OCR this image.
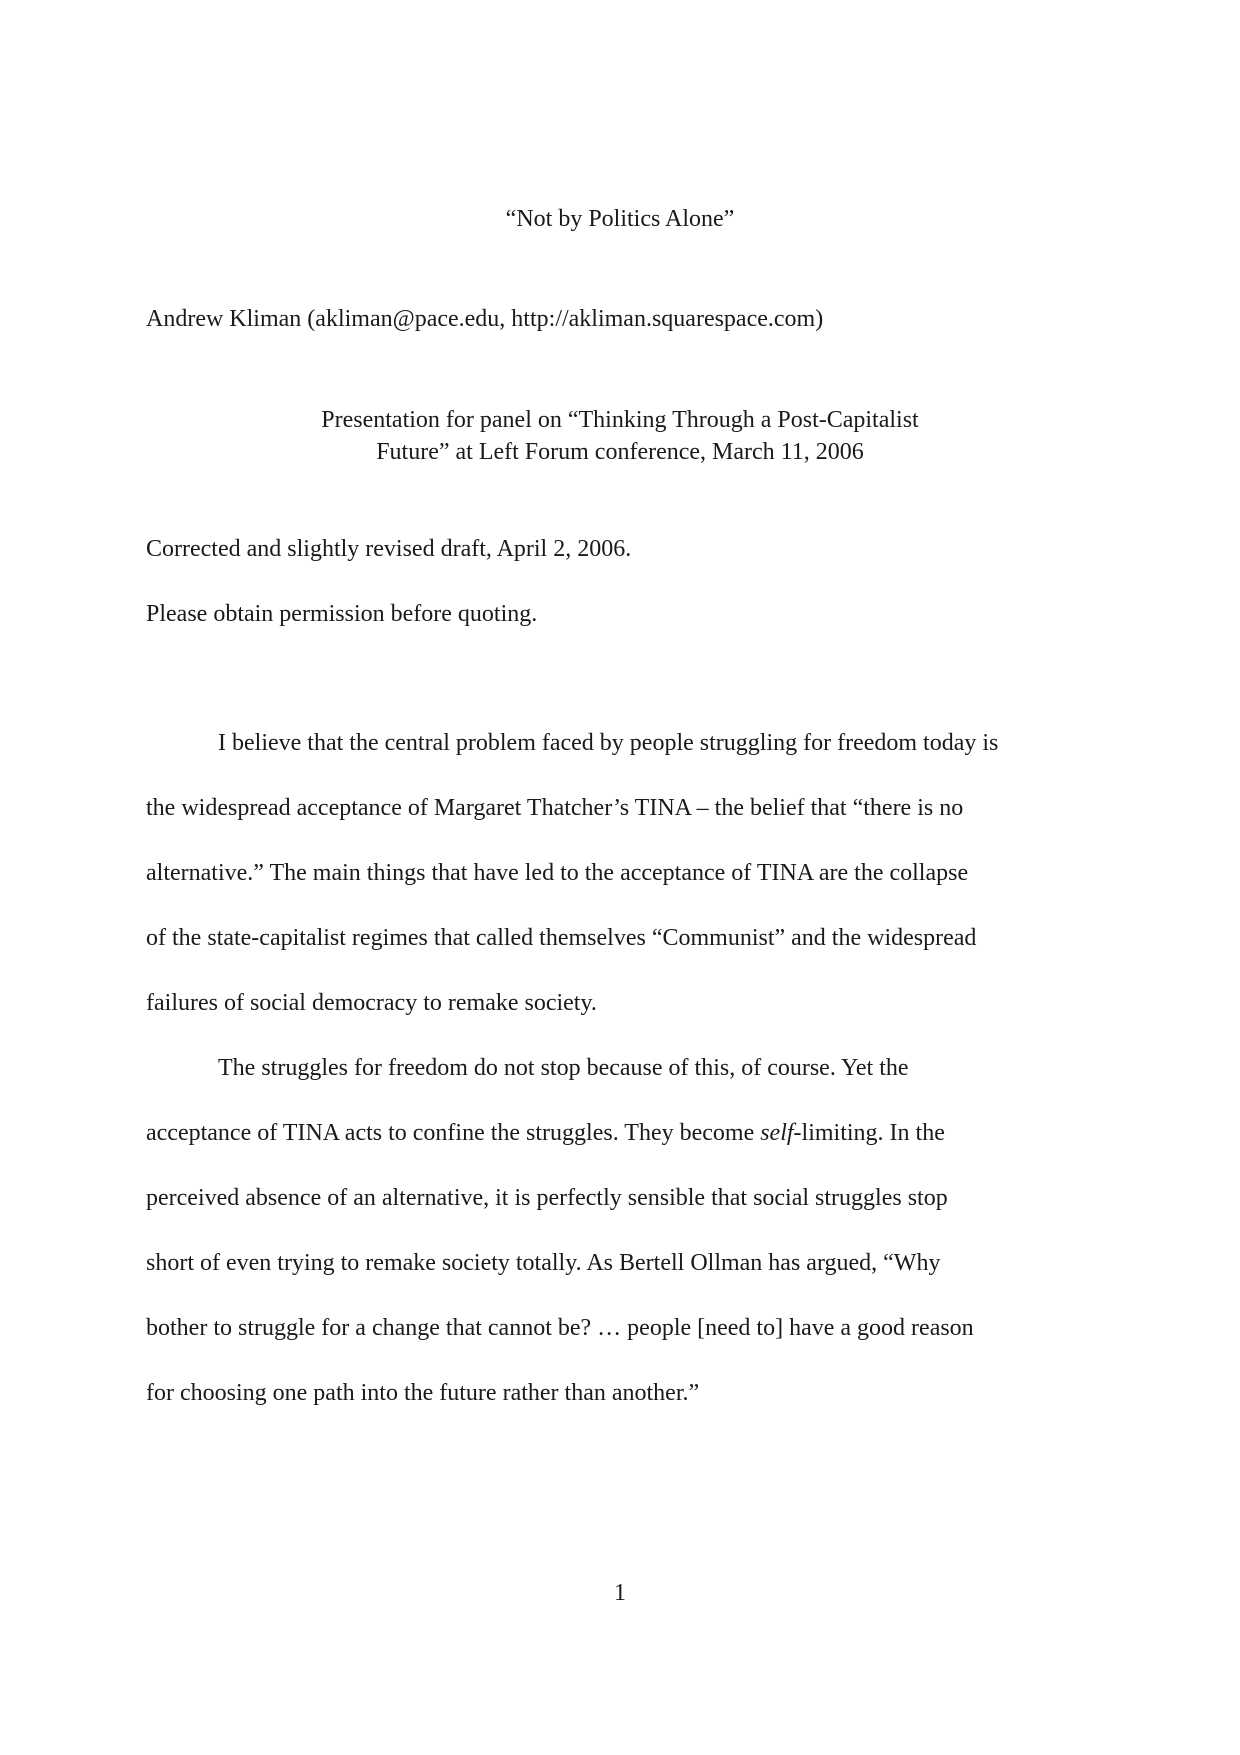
“Not by Politics Alone”
Andrew Kliman (akliman@pace.edu, http://akliman.squarespace.com)
Presentation for panel on “Thinking Through a Post-Capitalist
Future” at Left Forum conference, March 11, 2006
Corrected and slightly revised draft, April 2, 2006.
Please obtain permission before quoting.
I believe that the central problem faced by people struggling for freedom today is
the widespread acceptance of Margaret Thatcher’s TINA – the belief that “there is no
alternative.” The main things that have led to the acceptance of TINA are the collapse
of the state-capitalist regimes that called themselves “Communist” and the widespread
failures of social democracy to remake society.
The struggles for freedom do not stop because of this, of course. Yet the
acceptance of TINA acts to confine the struggles. They become self-limiting. In the
perceived absence of an alternative, it is perfectly sensible that social struggles stop
short of even trying to remake society totally. As Bertell Ollman has argued, “Why
bother to struggle for a change that cannot be? … people [need to] have a good reason
for choosing one path into the future rather than another.”
1
